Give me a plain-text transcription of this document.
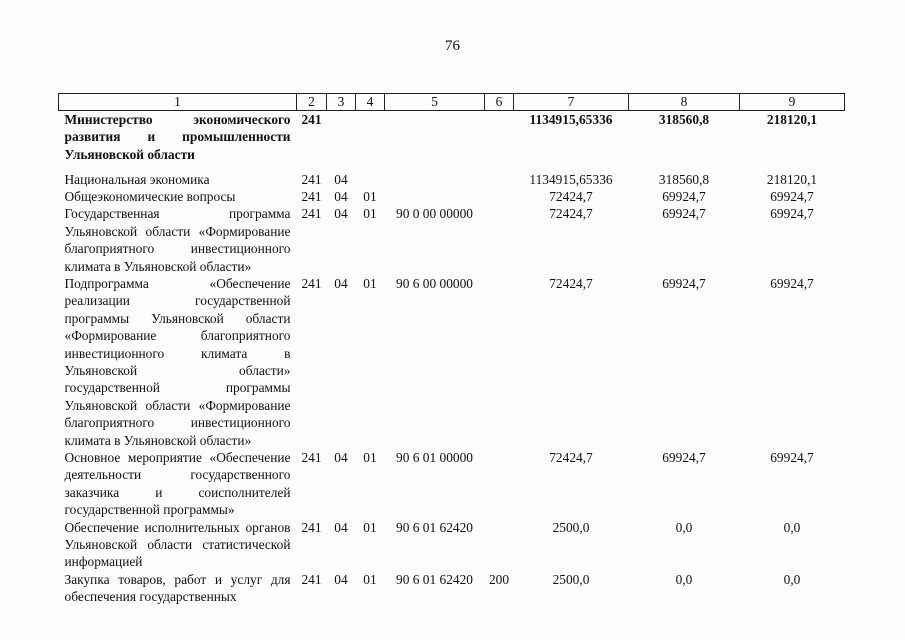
76
1	2	3	4	5	6	7	8	9
Министерство экономического развития и промышленности Ульяновской области	241					1134915,65336	318560,8	218120,1
Национальная экономика	241	04				1134915,65336	318560,8	218120,1
Общеэкономические вопросы	241	04	01			72424,7	69924,7	69924,7
Государственная программа Ульяновской области «Формирование благоприятного инвестиционного климата в Ульяновской области»	241	04	01	90 0 00 00000		72424,7	69924,7	69924,7
Подпрограмма «Обеспечение реализации государственной программы Ульяновской области «Формирование благоприятного инвестиционного климата в Ульяновской области» государственной программы Ульяновской области «Формирование благоприятного инвестиционного климата в Ульяновской области»	241	04	01	90 6 00 00000		72424,7	69924,7	69924,7
Основное мероприятие «Обеспечение деятельности государственного заказчика и соисполнителей государственной программы»	241	04	01	90 6 01 00000		72424,7	69924,7	69924,7
Обеспечение исполнительных органов Ульяновской области статистической информацией	241	04	01	90 6 01 62420		2500,0	0,0	0,0
Закупка товаров, работ и услуг для обеспечения государственных	241	04	01	90 6 01 62420	200	2500,0	0,0	0,0
